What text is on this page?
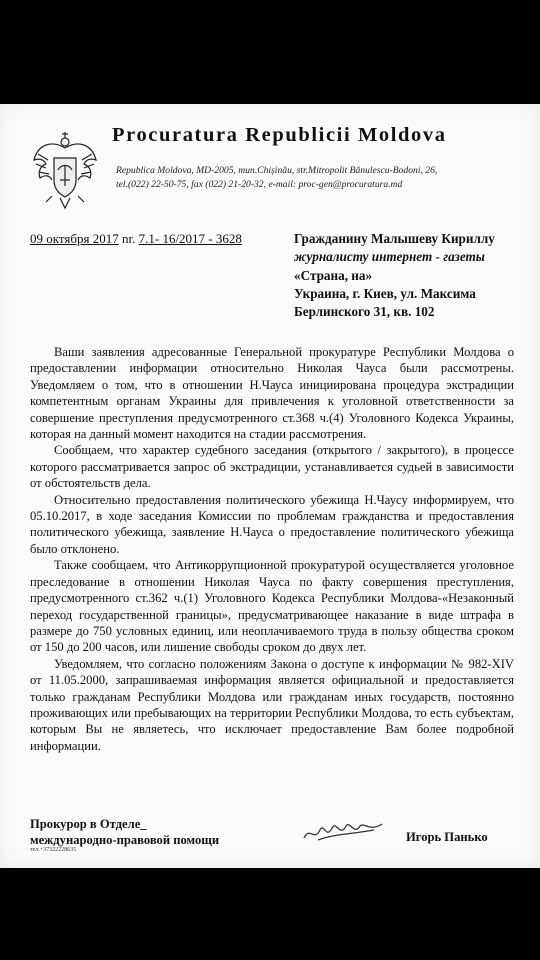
Procuratura Republicii Moldova
Republica Moldova, MD-2005, mun.Chișinău, str.Mitropolit Bănulescu-Bodoni, 26,
tel.(022) 22-50-75, fax (022) 21-20-32, e-mail: proc-gen@procuratura.md
09 октября 2017 nr. 7.1- 16/2017 - 3628	Гражданину Малышеву Кириллу
журналисту интернет - газеты
«Страна, на»
Украина, г. Киев, ул. Максима
Берлинского 31, кв. 102

Ваши заявления адресованные Генеральной прокуратуре Республики Молдова о предоставлении информации относительно Николая Чауса были рассмотрены. Уведомляем о том, что в отношении Н.Чауса инициирована процедура экстрадиции компетентным органам Украины для привлечения к уголовной ответственности за совершение преступления предусмотренного ст.368 ч.(4) Уголовного Кодекса Украины, которая на данный момент находится на стадии рассмотрения.

Сообщаем, что характер судебного заседания (открытого / закрытого), в процессе которого рассматривается запрос об экстрадиции, устанавливается судьей в зависимости от обстоятельств дела.

Относительно предоставления политического убежища Н.Чаусу информируем, что 05.10.2017, в ходе заседания Комиссии по проблемам гражданства и предоставления политического убежища, заявление Н.Чауса о предоставление политического убежища было отклонено.

Также сообщаем, что Антикоррупционной прокуратурой осуществляется уголовное преследование в отношении Николая Чауса по факту совершения преступления, предусмотренного ст.362 ч.(1) Уголовного Кодекса Республики Молдова-«Незаконный переход государственной границы», предусматривающее наказание в виде штрафа в размере до 750 условных единиц, или неоплачиваемого труда в пользу общества сроком от 150 до 200 часов, или лишение свободы сроком до двух лет.

Уведомляем, что согласно положениям Закона о доступе к информации № 982-XIV от 11.05.2000, запрашиваемая информация является официальной и предоставляется только гражданам Республики Молдова или гражданам иных государств, постоянно проживающих или пребывающих на территории Республики Молдова, то есть субъектам, которым Вы не являетесь, что исключает предоставление Вам более подробной информации.

Прокурор в Отделе_
международно-правовой помощи
тел.+37322228635
Игорь Панько
